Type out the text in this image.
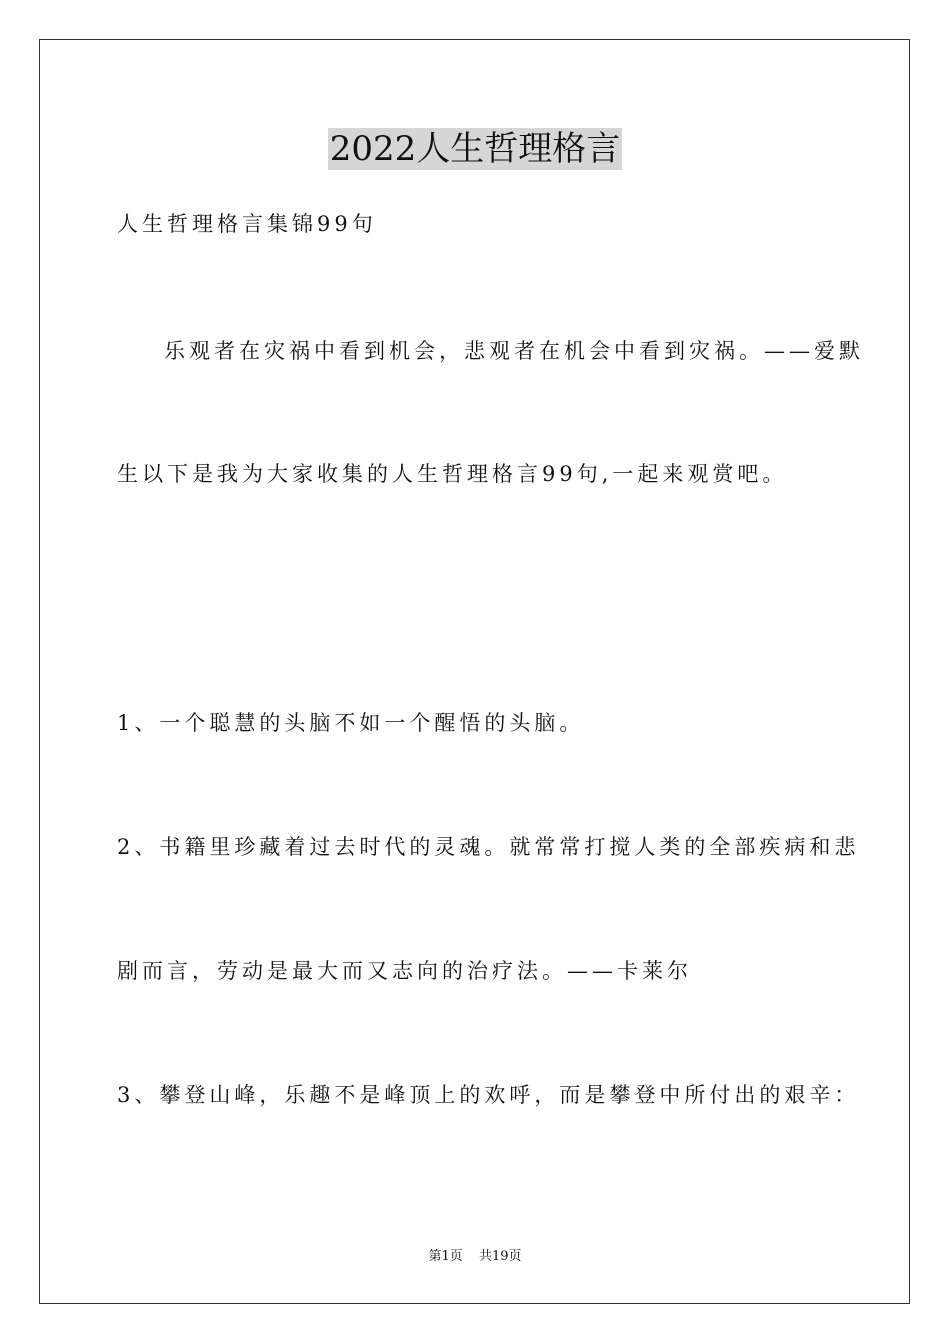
2022人生哲理格言
人生哲理格言集锦99句
乐观者在灾祸中看到机会，悲观者在机会中看到灾祸。——爱默
生以下是我为大家收集的人生哲理格言99句,一起来观赏吧。
1、一个聪慧的头脑不如一个醒悟的头脑。
2、书籍里珍藏着过去时代的灵魂。就常常打搅人类的全部疾病和悲
剧而言，劳动是最大而又志向的治疗法。——卡莱尔
3、攀登山峰，乐趣不是峰顶上的欢呼，而是攀登中所付出的艰辛：
第1页 共19页
